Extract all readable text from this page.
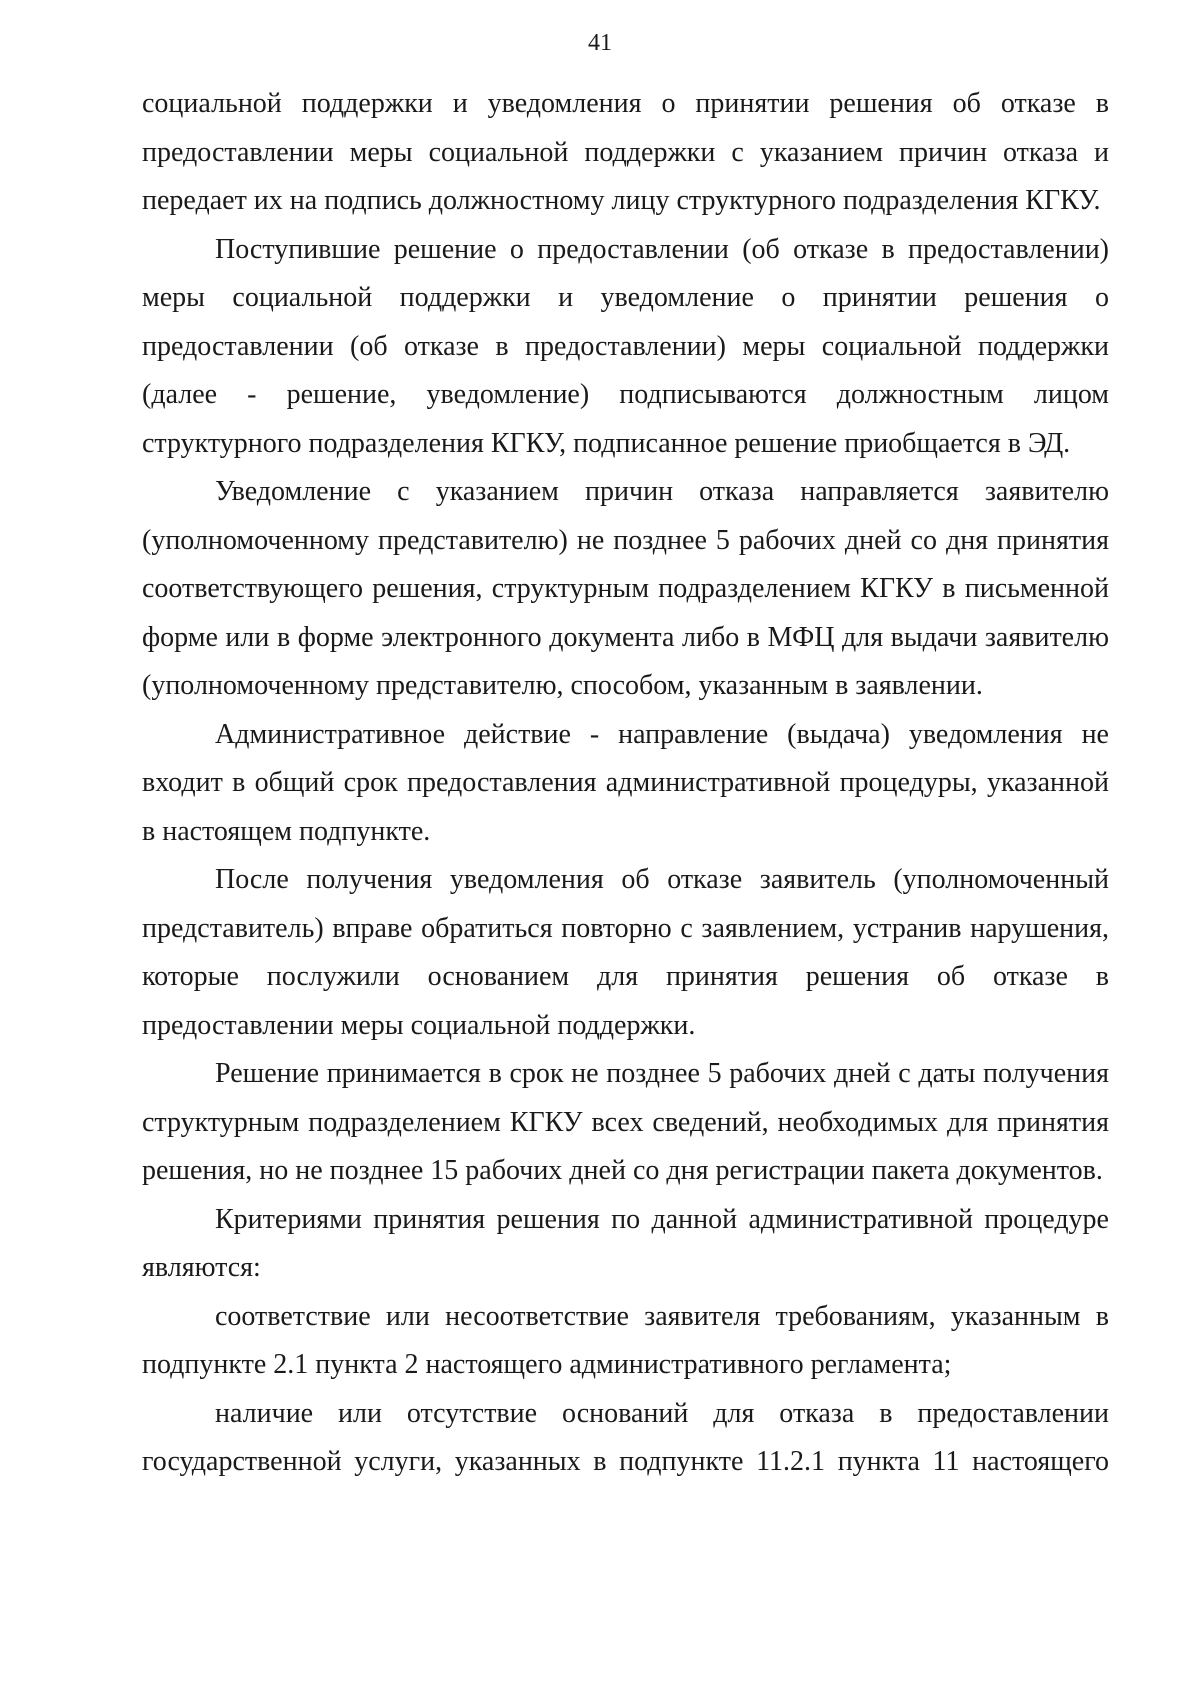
41

социальной поддержки и уведомления о принятии решения об отказе в предоставлении меры социальной поддержки с указанием причин отказа и передает их на подпись должностному лицу структурного подразделения КГКУ.

Поступившие решение о предоставлении (об отказе в предоставлении) меры социальной поддержки и уведомление о принятии решения о предоставлении (об отказе в предоставлении) меры социальной поддержки (далее - решение, уведомление) подписываются должностным лицом структурного подразделения КГКУ, подписанное решение приобщается в ЭД.

Уведомление с указанием причин отказа направляется заявителю (уполномоченному представителю) не позднее 5 рабочих дней со дня принятия соответствующего решения, структурным подразделением КГКУ в письменной форме или в форме электронного документа либо в МФЦ для выдачи заявителю (уполномоченному представителю, способом, указанным в заявлении.

Административное действие - направление (выдача) уведомления не входит в общий срок предоставления административной процедуры, указанной в настоящем подпункте.

После получения уведомления об отказе заявитель (уполномоченный представитель) вправе обратиться повторно с заявлением, устранив нарушения, которые послужили основанием для принятия решения об отказе в предоставлении меры социальной поддержки.

Решение принимается в срок не позднее 5 рабочих дней с даты получения структурным подразделением КГКУ всех сведений, необходимых для принятия решения, но не позднее 15 рабочих дней со дня регистрации пакета документов.

Критериями принятия решения по данной административной процедуре являются:

соответствие или несоответствие заявителя требованиям, указанным в подпункте 2.1 пункта 2 настоящего административного регламента;

наличие или отсутствие оснований для отказа в предоставлении государственной услуги, указанных в подпункте 11.2.1 пункта 11 настоящего
